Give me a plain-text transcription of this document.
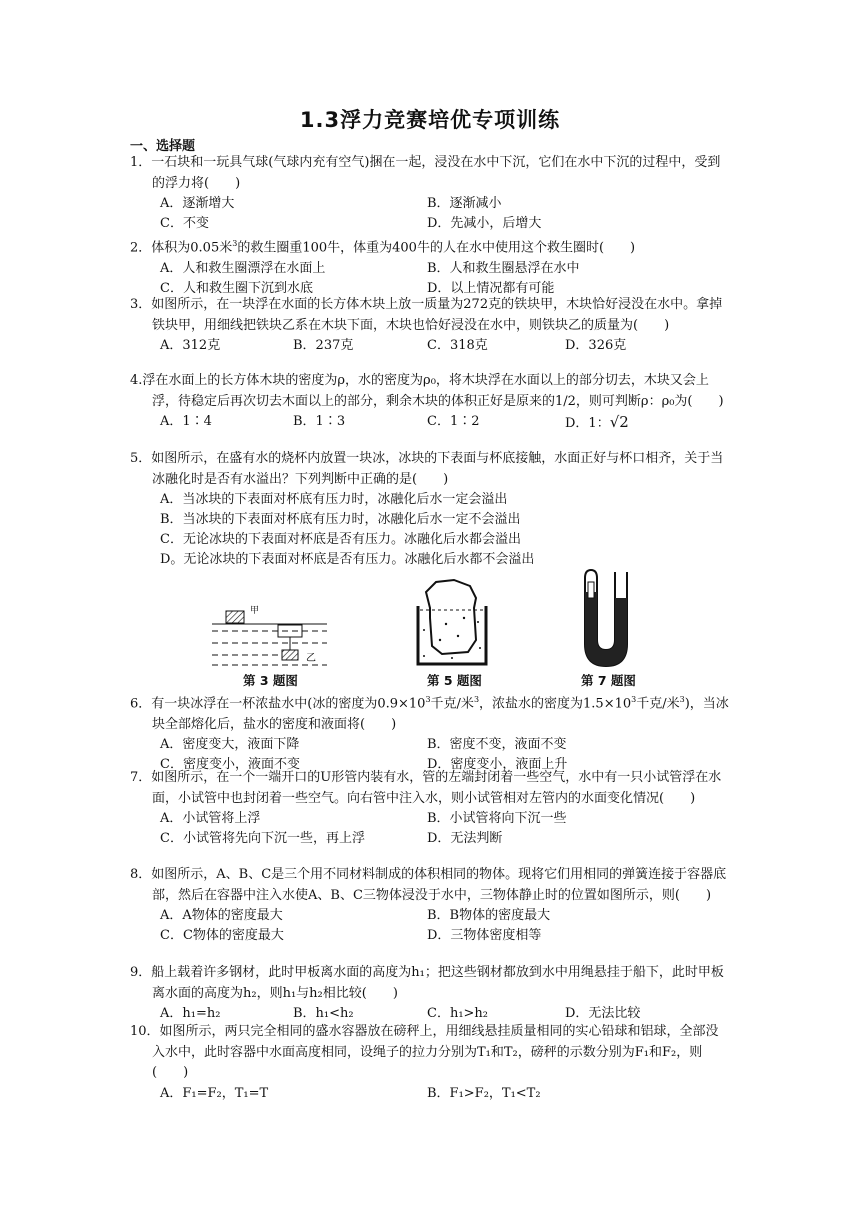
1.3浮力竞赛培优专项训练
一、选择题
1．一石块和一玩具气球(气球内充有空气)捆在一起，浸没在水中下沉，它们在水中下沉的过程中，受到的浮力将(　　)
A．逐渐增大	B．逐渐减小
C．不变	D．先减小，后增大
2．体积为0.05米$^3$的救生圈重100牛，体重为400牛的人在水中使用这个救生圈时(　　)
A．人和救生圈漂浮在水面上	B．人和救生圈悬浮在水中
C．人和救生圈下沉到水底	D．以上情况都有可能
3．如图所示，在一块浮在水面的长方体木块上放一质量为272克的铁块甲，木块恰好浸没在水中。拿掉铁块甲，用细线把铁块乙系在木块下面，木块也恰好浸没在水中，则铁块乙的质量为(　　)
A．312克	B．237克	C．318克	D．326克
4.浮在水面上的长方体木块的密度为ρ，水的密度为ρ₀，将木块浮在水面以上的部分切去，木块又会上浮，待稳定后再次切去木面以上的部分，剩余木块的体积正好是原来的1/2，则可判断ρ：ρ₀为(　　)
A．1∶4	B．1∶3	C．1∶2	D．1：√2
5．如图所示，在盛有水的烧杯内放置一块冰，冰块的下表面与杯底接触，水面正好与杯口相齐，关于当冰融化时是否有水溢出？下列判断中正确的是(　　)
A．当冰块的下表面对杯底有压力时，冰融化后水一定会溢出
B．当冰块的下表面对杯底有压力时，冰融化后水一定不会溢出
C．无论冰块的下表面对杯底是否有压力。冰融化后水都会溢出
D。无论冰块的下表面对杯底是否有压力。冰融化后水都不会溢出
甲
乙
第 3 题图	第 5 题图	第 7 题图
6．有一块冰浮在一杯浓盐水中(冰的密度为$0.9\times 10^3$千克/米$^3$，浓盐水的密度为$1.5\times 10^3$千克/米$^3$)，当冰块全部熔化后，盐水的密度和液面将(　　)
A．密度变大，液面下降	B．密度不变，液面不变
C．密度变小，液面不变	D．密度变小，液面上升
7．如图所示，在一个一端开口的U形管内装有水，管的左端封闭着一些空气，水中有一只小试管浮在水面，小试管中也封闭着一些空气。向右管中注入水，则小试管相对左管内的水面变化情况(　　)
A．小试管将上浮	B．小试管将向下沉一些
C．小试管将先向下沉一些，再上浮	D．无法判断
8．如图所示，A、B、C是三个用不同材料制成的体积相同的物体。现将它们用相同的弹簧连接于容器底部，然后在容器中注入水使A、B、C三物体浸没于水中，三物体静止时的位置如图所示，则(　　)
A．A物体的密度最大	B．B物体的密度最大
C．C物体的密度最大	D．三物体密度相等
9．船上载着许多钢材，此时甲板离水面的高度为h₁；把这些钢材都放到水中用绳悬挂于船下，此时甲板离水面的高度为h₂，则h₁与h₂相比较(　　)
A．h₁=h₂	B．h₁<h₂	C．h₁>h₂	D．无法比较
10．如图所示，两只完全相同的盛水容器放在磅秤上，用细线悬挂质量相同的实心铅球和铝球，全部没入水中，此时容器中水面高度相同，设绳子的拉力分别为T₁和T₂，磅秤的示数分别为F₁和F₂，则(　　)
A．F₁=F₂，T₁=T	B．F₁>F₂，T₁<T₂
